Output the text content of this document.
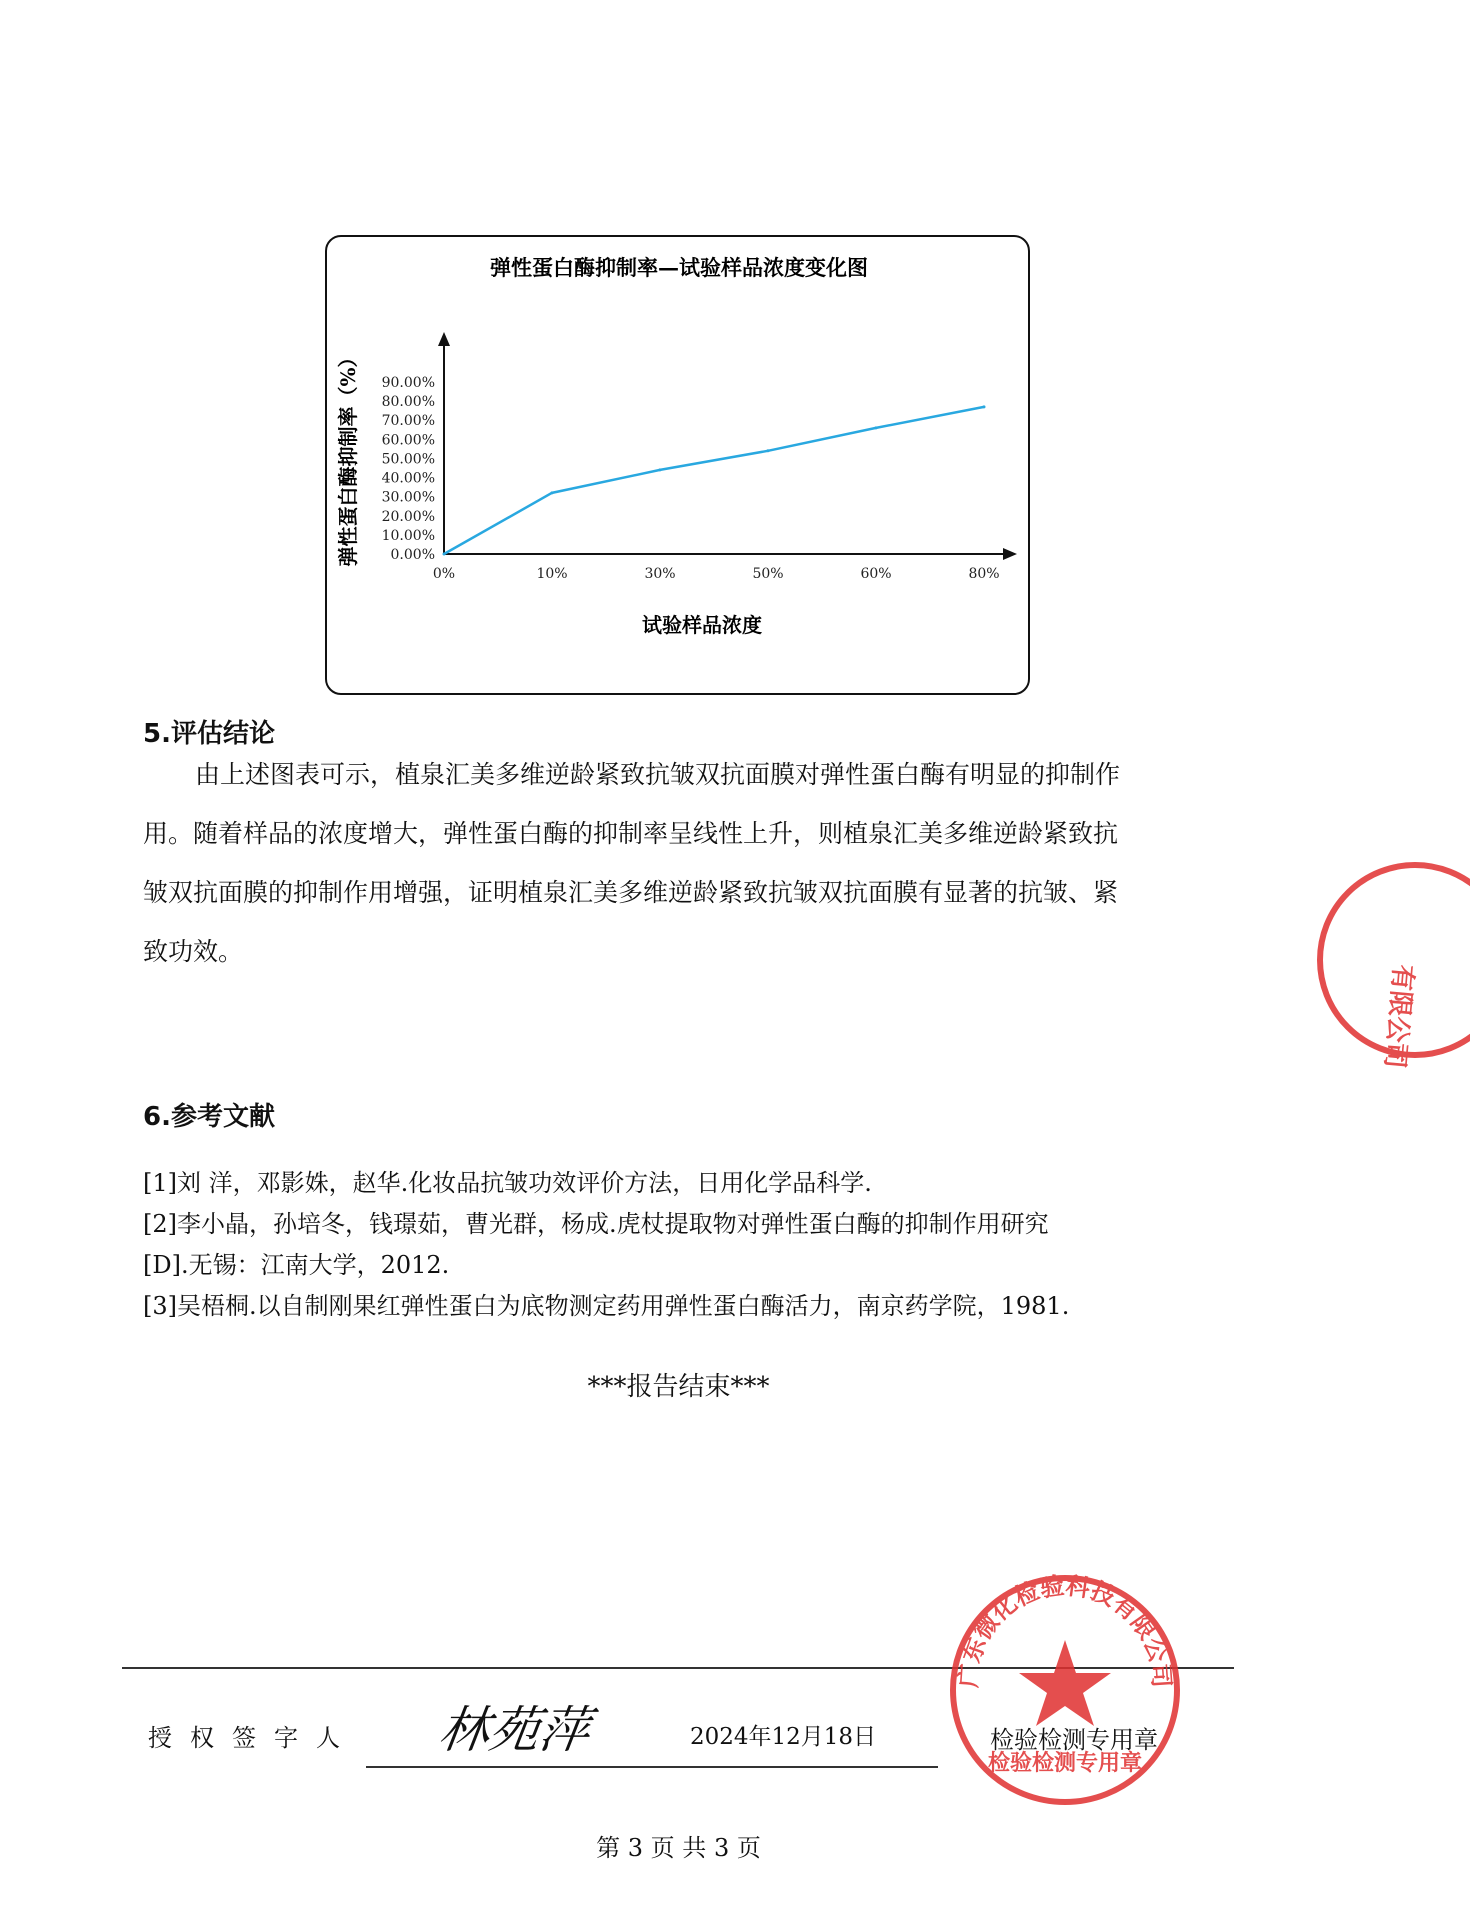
弹性蛋白酶抑制率—试验样品浓度变化图
弹性蛋白酶抑制率（%）
试验样品浓度
0.00%
10.00%
20.00%
30.00%
40.00%
50.00%
60.00%
70.00%
80.00%
90.00%
0%	10%	30%	50%	60%	80%
5.评估结论
由上述图表可示，植泉汇美多维逆龄紧致抗皱双抗面膜对弹性蛋白酶有明显的抑制作
用。随着样品的浓度增大，弹性蛋白酶的抑制率呈线性上升，则植泉汇美多维逆龄紧致抗
皱双抗面膜的抑制作用增强，证明植泉汇美多维逆龄紧致抗皱双抗面膜有显著的抗皱、紧
致功效。
6.参考文献
[1]刘 洋，邓影姝，赵华.化妆品抗皱功效评价方法，日用化学品科学.
[2]李小晶，孙培冬，钱璟茹，曹光群，杨成.虎杖提取物对弹性蛋白酶的抑制作用研究
[D].无锡：江南大学，2012.
[3]吴梧桐.以自制刚果红弹性蛋白为底物测定药用弹性蛋白酶活力，南京药学院，1981.
***报告结束***
授权签字人 林苑萍	2024年12月18日	检验检测专用章
广东微化检验科技有限公司
检验检测专用章
有限公司
第 3 页 共 3 页
